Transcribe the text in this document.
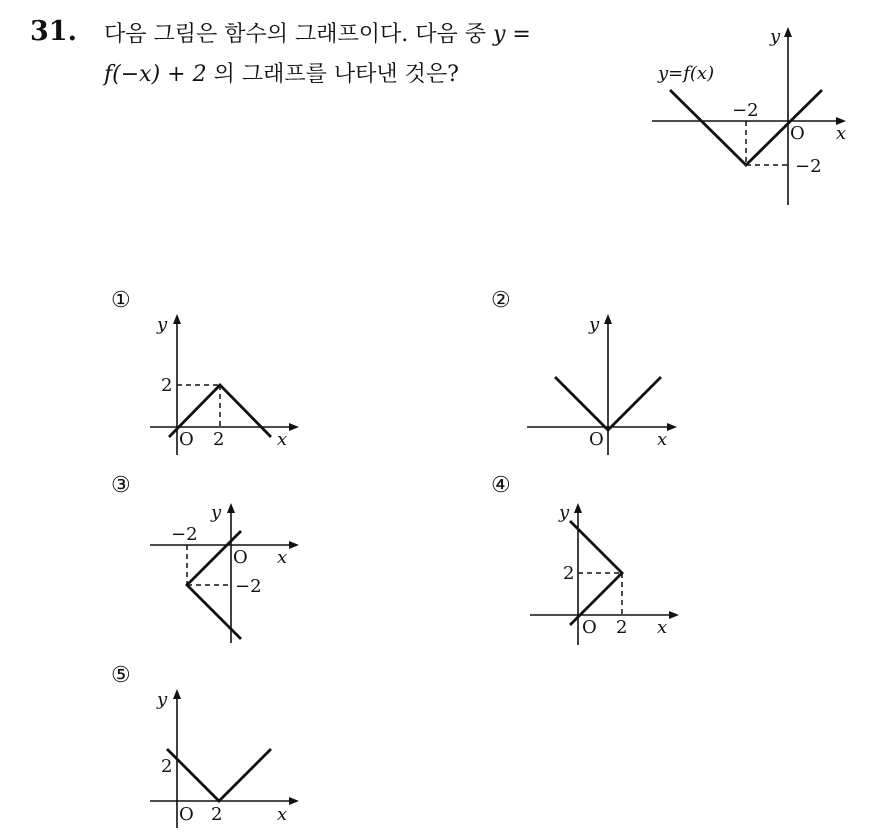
31. 다음 그림은 함수의 그래프이다. 다음 중 y =
f(−x) + 2 의 그래프를 나타낸 것은?	y=f(x)
−2
O x
y
−2
①
y
2
O 2	x
②
y
O	x
③
y
−2
O x
−2
④
y
2
O 2 x
⑤
y
2
O 2	x
